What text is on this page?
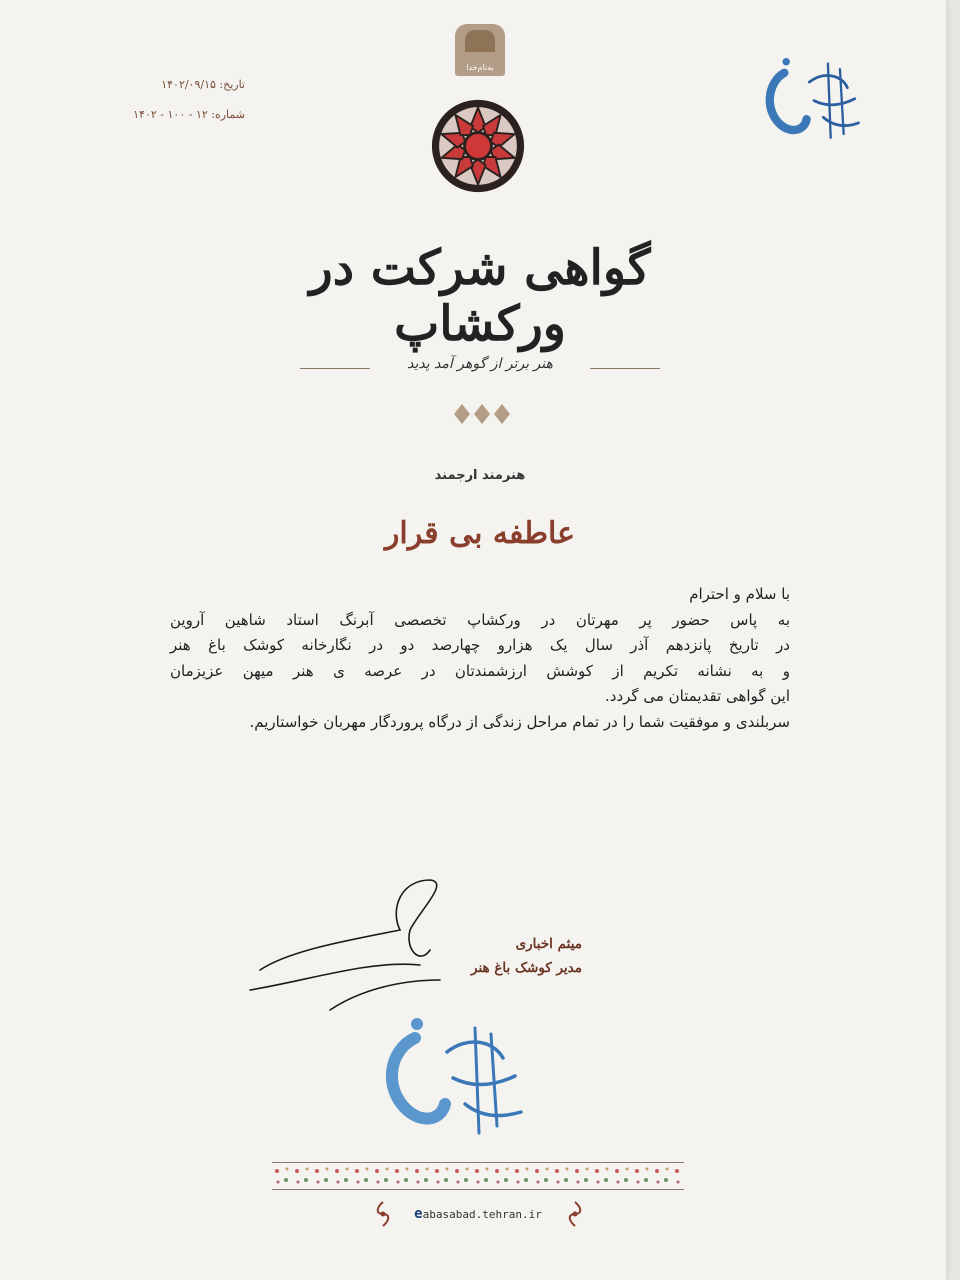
تاریخ: ۱۴۰۲/۰۹/۱۵
شماره: ۱۲ - ۱۰۰ - ۱۴۰۲
به‌نام‌خدا
گواهی شرکت در ورکشاپ
هنر برتر از گوهر آمد پدید
هنرمند ارجمند
عاطفه بی قرار
با سلام و احترام
به پاس حضور پر مهرتان در ورکشاپ تخصصی آبرنگ استاد شاهین آروین
در تاریخ پانزدهم آذر سال یک هزارو چهارصد دو در نگارخانه کوشک باغ هنر
و به نشانه تکریم از کوشش ارزشمندتان در عرصه ی هنر میهن عزیزمان
این گواهی تقدیمتان می گردد.
سربلندی و موفقیت شما را در تمام مراحل زندگی از درگاه پروردگار مهربان خواستاریم.
میثم اخباری
مدیر کوشک باغ هنر
eabasabad.tehran.ir
